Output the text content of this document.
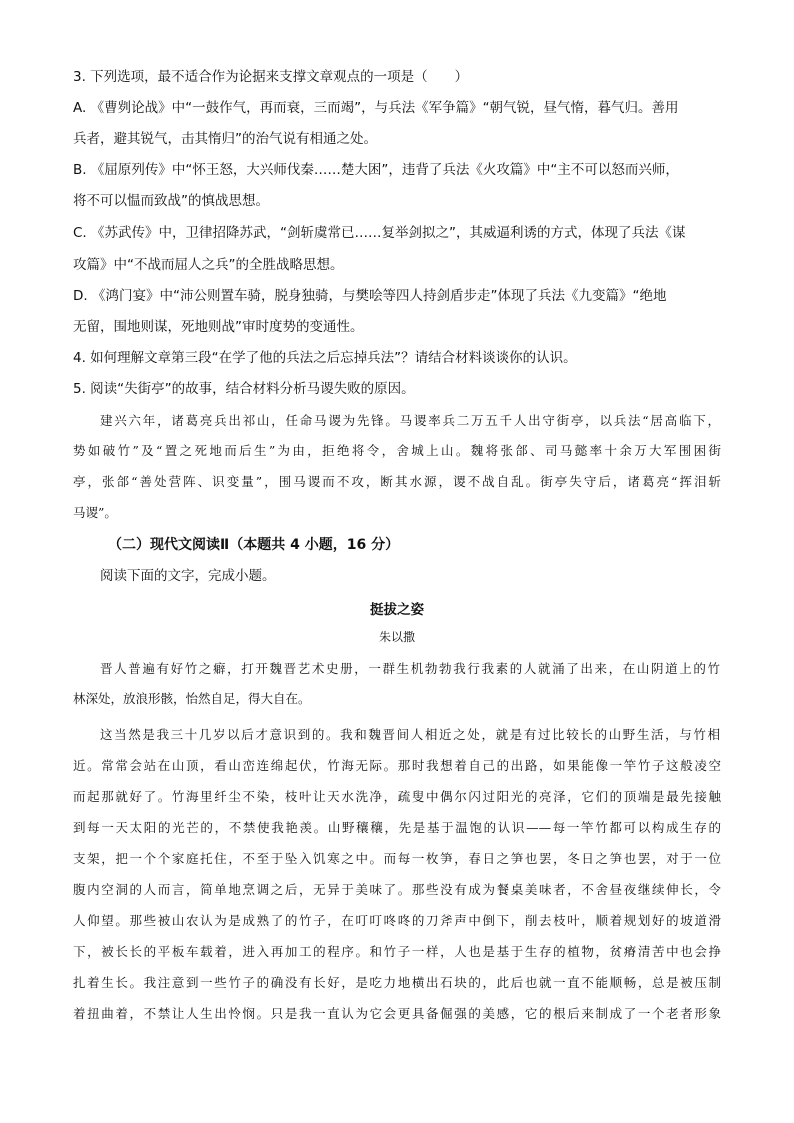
3. 下列选项，最不适合作为论据来支撑文章观点的一项是（　　）
A. 《曹刿论战》中“一鼓作气，再而衰，三而竭”，与兵法《军争篇》“朝气锐，昼气惰，暮气归。善用
兵者，避其锐气，击其惰归”的治气说有相通之处。
B. 《屈原列传》中“怀王怒，大兴师伐秦……楚大困”，违背了兵法《火攻篇》中“主不可以怒而兴师，
将不可以愠而致战”的慎战思想。
C. 《苏武传》中，卫律招降苏武，“剑斩虞常已……复举剑拟之”，其威逼利诱的方式，体现了兵法《谋
攻篇》中“不战而屈人之兵”的全胜战略思想。
D. 《鸿门宴》中“沛公则置车骑，脱身独骑，与樊哙等四人持剑盾步走”体现了兵法《九变篇》“绝地
无留，围地则谋，死地则战”审时度势的变通性。
4. 如何理解文章第三段“在学了他的兵法之后忘掉兵法”？请结合材料谈谈你的认识。
5. 阅读“失街亭”的故事，结合材料分析马谡失败的原因。
建兴六年，诸葛亮兵出祁山，任命马谡为先锋。马谡率兵二万五千人出守街亭，以兵法“居高临下，
势如破竹”及“置之死地而后生”为由，拒绝将令，舍城上山。魏将张郃、司马懿率十余万大军围困街
亭，张郃“善处营阵、识变量”，围马谡而不攻，断其水源，谡不战自乱。街亭失守后，诸葛亮“挥泪斩
马谡”。
（二）现代文阅读Ⅱ（本题共 4 小题，16 分）
阅读下面的文字，完成小题。
挺拔之姿
朱以撒
晋人普遍有好竹之癖，打开魏晋艺术史册，一群生机勃勃我行我素的人就涌了出来，在山阴道上的竹
林深处，放浪形骸，怡然自足，得大自在。
这当然是我三十几岁以后才意识到的。我和魏晋间人相近之处，就是有过比较长的山野生活，与竹相
近。常常会站在山顶，看山峦连绵起伏，竹海无际。那时我想着自己的出路，如果能像一竿竹子这般凌空
而起那就好了。竹海里纤尘不染，枝叶让天水洗净，疏叟中偶尔闪过阳光的亮泽，它们的顶端是最先接触
到每一天太阳的光芒的，不禁使我艳羡。山野穰穰，先是基于温饱的认识——每一竿竹都可以构成生存的
支架，把一个个家庭托住，不至于坠入饥寒之中。而每一枚笋，春日之笋也罢，冬日之笋也罢，对于一位
腹内空洞的人而言，简单地烹调之后，无异于美味了。那些没有成为餐桌美味者，不舍昼夜继续伸长，令
人仰望。那些被山农认为是成熟了的竹子，在叮叮咚咚的刀斧声中倒下，削去枝叶，顺着规划好的坡道滑
下，被长长的平板车载着，进入再加工的程序。和竹子一样，人也是基于生存的植物，贫瘠清苦中也会挣
扎着生长。我注意到一些竹子的确没有长好，是吃力地横出石块的，此后也就一直不能顺畅，总是被压制
着扭曲着，不禁让人生出怜悯。只是我一直认为它会更具备倔强的美感，它的根后来制成了一个老者形象
